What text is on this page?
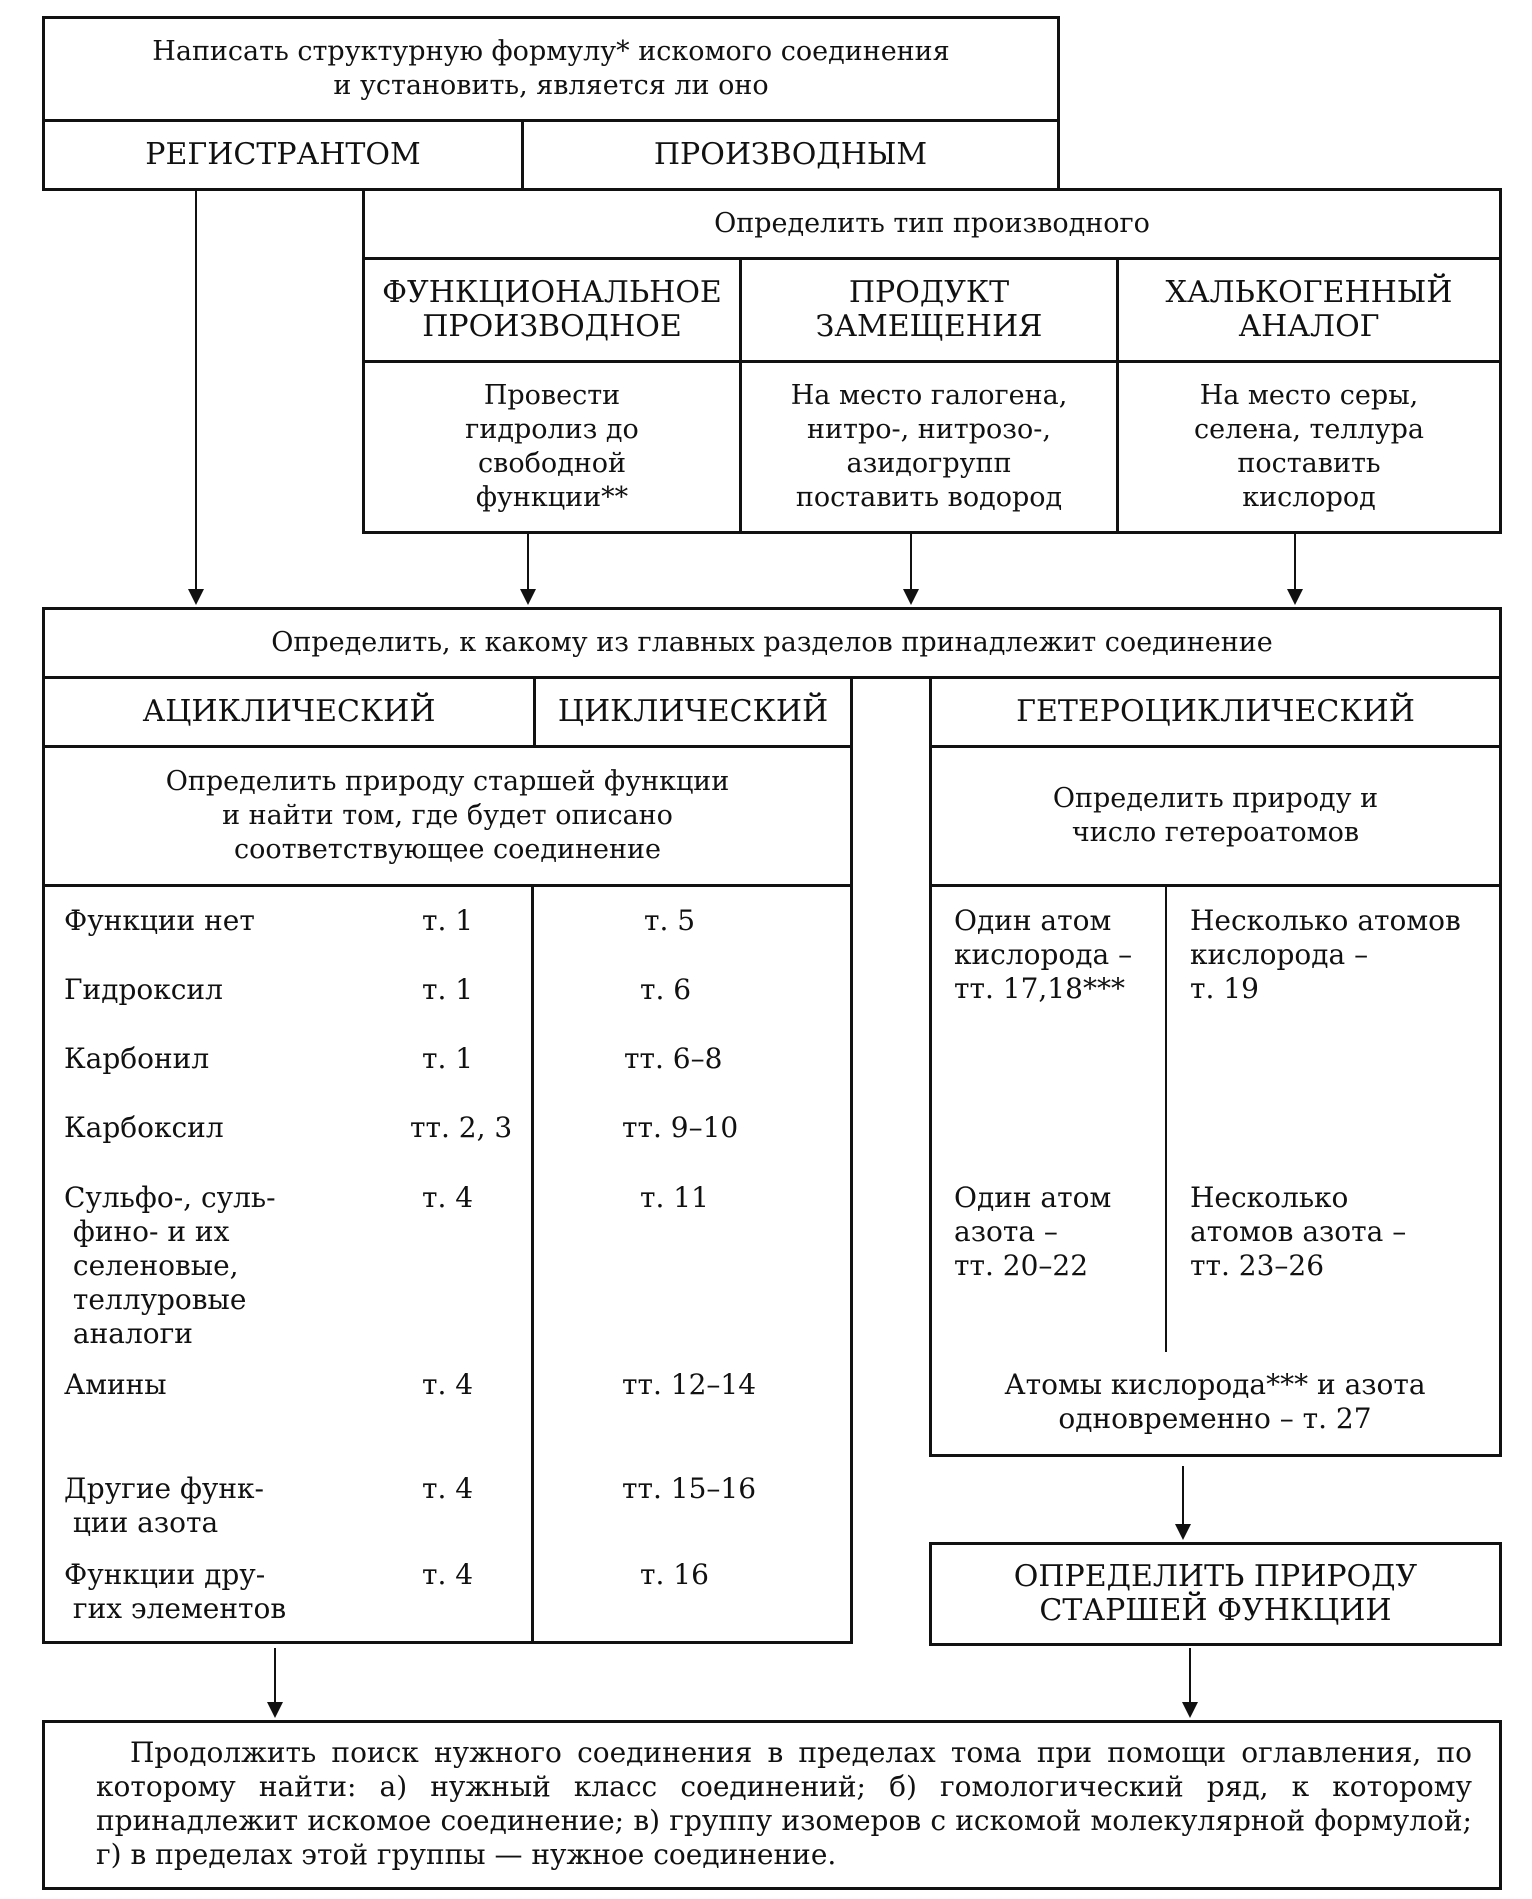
Написать структурную формулу* искомого соединения
и установить, является ли оно
РЕГИСТРАНТОМ	ПРОИЗВОДНЫМ
Определить тип производного
ФУНКЦИОНАЛЬНОЕ
ПРОИЗВОДНОЕ
ПРОДУКТ
ЗАМЕЩЕНИЯ
ХАЛЬКОГЕННЫЙ
АНАЛОГ
Провести
гидролиз до
свободной
функции**
На место галогена,
нитро-, нитрозо-,
азидогрупп
поставить водород
На место серы,
селена, теллура
поставить
кислород
Определить, к какому из главных разделов принадлежит соединение
АЦИКЛИЧЕСКИЙ	ЦИКЛИЧЕСКИЙ	ГЕТЕРОЦИКЛИЧЕСКИЙ
Определить природу старшей функции
и найти том, где будет описано
соответствующее соединение
Функции нет	т. 1	т. 5
Гидроксил	т. 1	т. 6
Карбонил	т. 1	тт. 6–8
Карбоксил	тт. 2, 3	тт. 9–10
Сульфо-, суль-
фино- и их
селеновые,
теллуровые
аналоги
т. 4	т. 11
Амины	т. 4	тт. 12–14
Другие функ-
ции азота
т. 4	тт. 15–16
Функции дру-
гих элементов
т. 4	т. 16
Определить природу и
число гетероатомов
Один атом
кислорода –
тт. 17,18***
Несколько атомов
кислорода –
т. 19
Один атом
азота –
тт. 20–22
Несколько
атомов азота –
тт. 23–26
Атомы кислорода*** и азота
одновременно – т. 27
ОПРЕДЕЛИТЬ ПРИРОДУ
СТАРШЕЙ ФУНКЦИИ
Продолжить поиск нужного соединения в пределах тома при помощи оглавления, по которому найти: а) нужный класс соединений; б) гомологический ряд, к которому принадлежит искомое соединение; в) группу изомеров с искомой молекулярной формулой; г) в пределах этой группы — нужное соединение.
